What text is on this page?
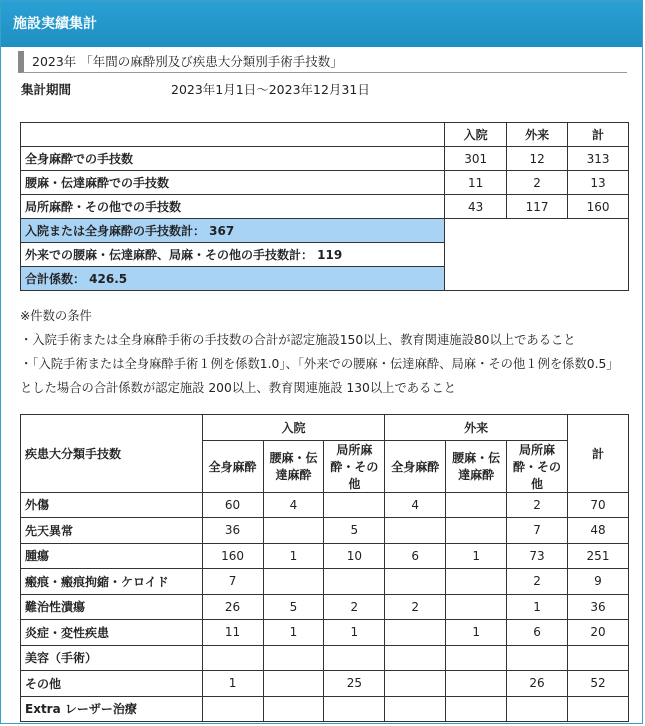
施設実績集計
2023年 「年間の麻酔別及び疾患大分類別手術手技数」
集計期間	2023年1月1日〜2023年12月31日
	入院	外来	計
全身麻酔での手技数	301	12	313
腰麻・伝達麻酔での手技数	11	2	13
局所麻酔・その他での手技数	43	117	160
入院または全身麻酔の手技数計： 367			
外来での腰麻・伝達麻酔、局麻・その他の手技数計： 119			
合計係数： 426.5			
※件数の条件
・入院手術または全身麻酔手術の手技数の合計が認定施設150以上、教育関連施設80以上であること
・「入院手術または全身麻酔手術１例を係数1.0」、「外来での腰麻・伝達麻酔、局麻・その他１例を係数0.5」とした場合の合計係数が認定施設 200以上、教育関連施設 130以上であること
疾患大分類手技数	入院			外来			計
	全身麻酔	腰麻・伝達麻酔	局所麻酔・その他	全身麻酔	腰麻・伝達麻酔	局所麻酔・その他	

外傷	60	4		4		2	70
先天異常	36		5			7	48
腫瘍	160	1	10	6	1	73	251
瘢痕・瘢痕拘縮・ケロイド	7					2	9
難治性潰瘍	26	5	2	2		1	36
炎症・変性疾患	11	1	1		1	6	20
美容（手術）							
その他	1		25			26	52
Extra レーザー治療							
